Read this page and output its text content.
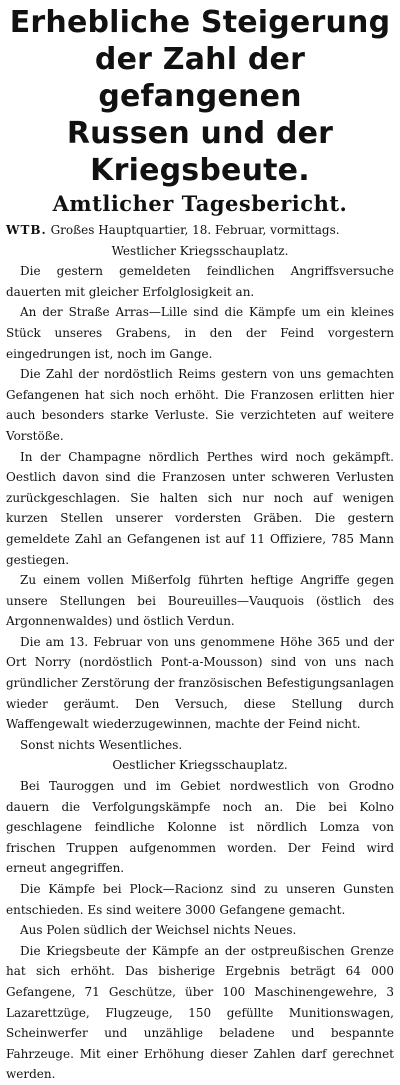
Erhebliche Steigerung
der Zahl der gefangenen
Russen und der Kriegsbeute.
Amtlicher Tagesbericht.

WTB. Großes Hauptquartier, 18. Februar, vormittags.

Westlicher Kriegsschauplatz.

Die gestern gemeldeten feindlichen Angriffsversuche dauerten mit gleicher Erfolglosigkeit an.

An der Straße Arras—Lille sind die Kämpfe um ein kleines Stück unseres Grabens, in den der Feind vorgestern eingedrungen ist, noch im Gange.

Die Zahl der nordöstlich Reims gestern von uns gemachten Gefangenen hat sich noch erhöht. Die Franzosen erlitten hier auch besonders starke Verluste. Sie verzichteten auf weitere Vorstöße.

In der Champagne nördlich Perthes wird noch gekämpft. Oestlich davon sind die Franzosen unter schweren Verlusten zurückgeschlagen. Sie halten sich nur noch auf wenigen kurzen Stellen unserer vordersten Gräben. Die gestern gemeldete Zahl an Gefangenen ist auf 11 Offiziere, 785 Mann gestiegen.

Zu einem vollen Mißerfolg führten heftige Angriffe gegen unsere Stellungen bei Boureuilles—Vauquois (östlich des Argonnenwaldes) und östlich Verdun.

Die am 13. Februar von uns genommene Höhe 365 und der Ort Norry (nordöstlich Pont-a-Mousson) sind von uns nach gründlicher Zerstörung der französischen Befestigungsanlagen wieder geräumt. Den Versuch, diese Stellung durch Waffengewalt wiederzugewinnen, machte der Feind nicht.

Sonst nichts Wesentliches.

Oestlicher Kriegsschauplatz.

Bei Tauroggen und im Gebiet nordwestlich von Grodno dauern die Verfolgungskämpfe noch an. Die bei Kolno geschlagene feindliche Kolonne ist nördlich Lomza von frischen Truppen aufgenommen worden. Der Feind wird erneut angegriffen.

Die Kämpfe bei Plock—Racionz sind zu unseren Gunsten entschieden. Es sind weitere 3000 Gefangene gemacht.

Aus Polen südlich der Weichsel nichts Neues.

Die Kriegsbeute der Kämpfe an der ostpreußischen Grenze hat sich erhöht. Das bisherige Ergebnis beträgt 64 000 Gefangene, 71 Geschütze, über 100 Maschinengewehre, 3 Lazarettzüge, Flugzeuge, 150 gefüllte Munitionswagen, Scheinwerfer und unzählige beladene und bespannte Fahrzeuge. Mit einer Erhöhung dieser Zahlen darf gerechnet werden.
